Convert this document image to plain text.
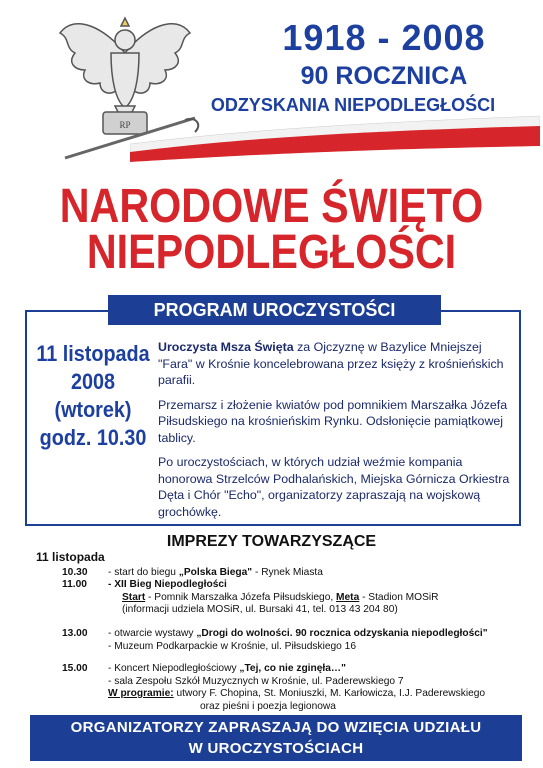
RP
1918 - 2008
90 ROCZNICA
ODZYSKANIA NIEPODLEGŁOŚCI
NARODOWE ŚWIĘTO
NIEPODLEGŁOŚCI
PROGRAM UROCZYSTOŚCI
11 listopada
2008
(wtorek)
godz. 10.30

Uroczysta Msza Święta za Ojczyznę w Bazylice Mniejszej "Fara" w Krośnie koncelebrowana przez księży z krośnieńskich parafii.

Przemarsz i złożenie kwiatów pod pomnikiem Marszałka Józefa Piłsudskiego na krośnieńskim Rynku. Odsłonięcie pamiątkowej tablicy.

Po uroczystościach, w których udział weźmie kompania honorowa Strzelców Podhalańskich, Miejska Górnicza Orkiestra Dęta i Chór "Echo", organizatorzy zapraszają na wojskową grochówkę.

IMPREZY TOWARZYSZĄCE
11 listopada
10.30	- start do biegu „Polska Biega" - Rynek Miasta
11.00	- XII Bieg Niepodległości
Start - Pomnik Marszałka Józefa Piłsudskiego, Meta - Stadion MOSiR
(informacji udziela MOSiR, ul. Bursaki 41, tel. 013 43 204 80)
13.00	- otwarcie wystawy „Drogi do wolności. 90 rocznica odzyskania niepodległości"
- Muzeum Podkarpackie w Krośnie, ul. Piłsudskiego 16
15.00	- Koncert Niepodległościowy „Tej, co nie zginęła…"
- sala Zespołu Szkół Muzycznych w Krośnie, ul. Paderewskiego 7
W programie: utwory F. Chopina, St. Moniuszki, M. Karłowicza, I.J. Paderewskiego
oraz pieśni i poezja legionowa
ORGANIZATORZY ZAPRASZAJĄ DO WZIĘCIA UDZIAŁU
W UROCZYSTOŚCIACH
